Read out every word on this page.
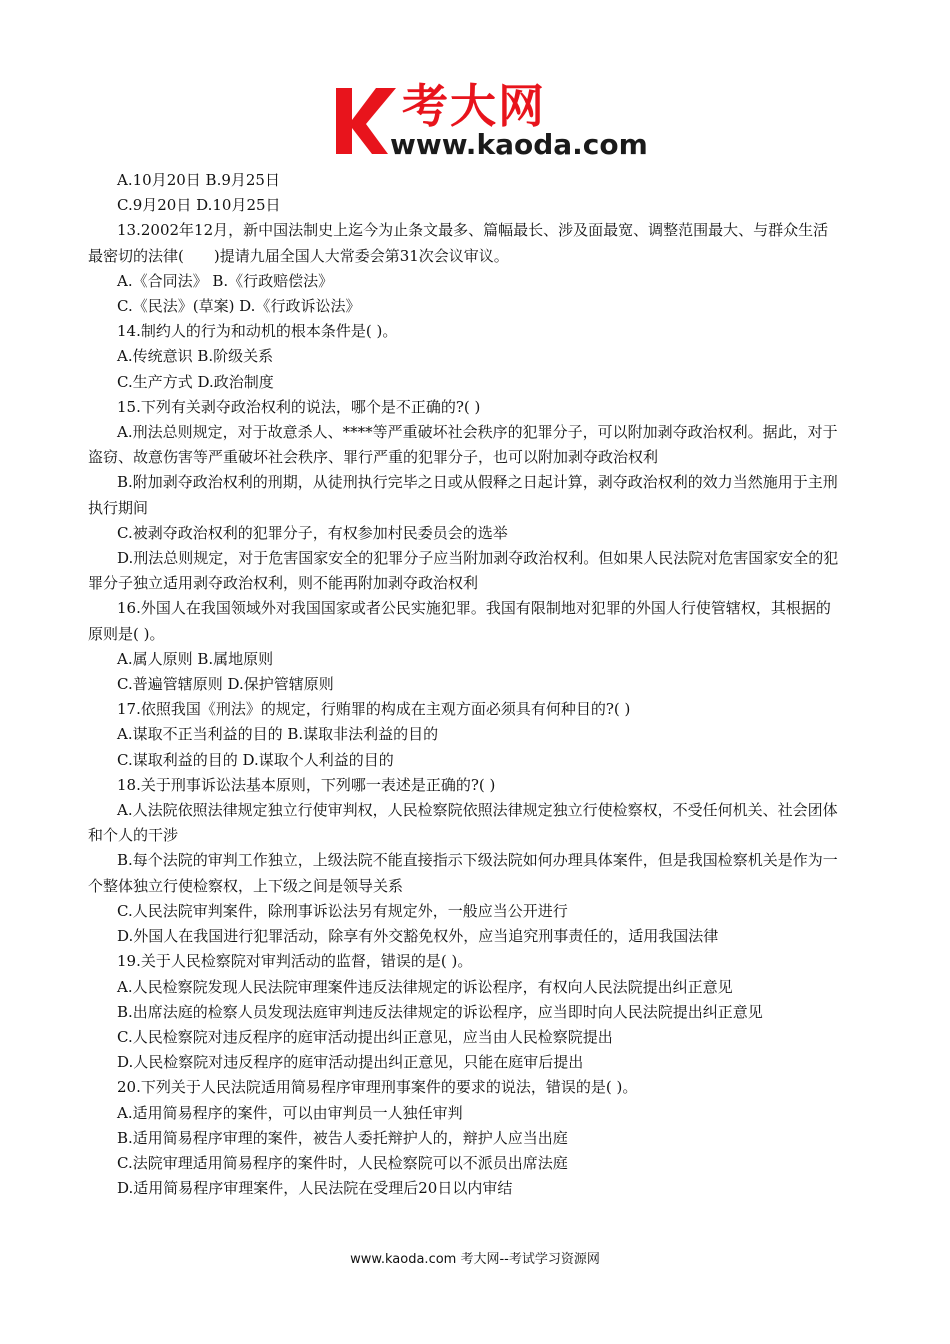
考大网
www.kaoda.com

A.10月20日 B.9月25日

C.9月20日 D.10月25日

13.2002年12月，新中国法制史上迄今为止条文最多、篇幅最长、涉及面最宽、调整范围最大、与群众生活最密切的法律(　　)提请九届全国人大常委会第31次会议审议。

A.《合同法》 B.《行政赔偿法》

C.《民法》(草案) D.《行政诉讼法》

14.制约人的行为和动机的根本条件是( )。

A.传统意识 B.阶级关系

C.生产方式 D.政治制度

15.下列有关剥夺政治权利的说法，哪个是不正确的?( )

A.刑法总则规定，对于故意杀人、****等严重破坏社会秩序的犯罪分子，可以附加剥夺政治权利。据此，对于盗窃、故意伤害等严重破坏社会秩序、罪行严重的犯罪分子，也可以附加剥夺政治权利

B.附加剥夺政治权利的刑期，从徒刑执行完毕之日或从假释之日起计算，剥夺政治权利的效力当然施用于主刑执行期间

C.被剥夺政治权利的犯罪分子，有权参加村民委员会的选举

D.刑法总则规定，对于危害国家安全的犯罪分子应当附加剥夺政治权利。但如果人民法院对危害国家安全的犯罪分子独立适用剥夺政治权利，则不能再附加剥夺政治权利

16.外国人在我国领域外对我国国家或者公民实施犯罪。我国有限制地对犯罪的外国人行使管辖权，其根据的原则是( )。

A.属人原则 B.属地原则

C.普遍管辖原则 D.保护管辖原则

17.依照我国《刑法》的规定，行贿罪的构成在主观方面必须具有何种目的?( )

A.谋取不正当利益的目的 B.谋取非法利益的目的

C.谋取利益的目的 D.谋取个人利益的目的

18.关于刑事诉讼法基本原则，下列哪一表述是正确的?( )

A.人法院依照法律规定独立行使审判权，人民检察院依照法律规定独立行使检察权，不受任何机关、社会团体和个人的干涉

B.每个法院的审判工作独立，上级法院不能直接指示下级法院如何办理具体案件，但是我国检察机关是作为一个整体独立行使检察权，上下级之间是领导关系

C.人民法院审判案件，除刑事诉讼法另有规定外，一般应当公开进行

D.外国人在我国进行犯罪活动，除享有外交豁免权外，应当追究刑事责任的，适用我国法律

19.关于人民检察院对审判活动的监督，错误的是( )。

A.人民检察院发现人民法院审理案件违反法律规定的诉讼程序，有权向人民法院提出纠正意见

B.出席法庭的检察人员发现法庭审判违反法律规定的诉讼程序，应当即时向人民法院提出纠正意见

C.人民检察院对违反程序的庭审活动提出纠正意见，应当由人民检察院提出

D.人民检察院对违反程序的庭审活动提出纠正意见，只能在庭审后提出

20.下列关于人民法院适用简易程序审理刑事案件的要求的说法，错误的是( )。

A.适用简易程序的案件，可以由审判员一人独任审判

B.适用简易程序审理的案件，被告人委托辩护人的，辩护人应当出庭

C.法院审理适用简易程序的案件时，人民检察院可以不派员出席法庭

D.适用简易程序审理案件，人民法院在受理后20日以内审结

www.kaoda.com 考大网--考试学习资源网
